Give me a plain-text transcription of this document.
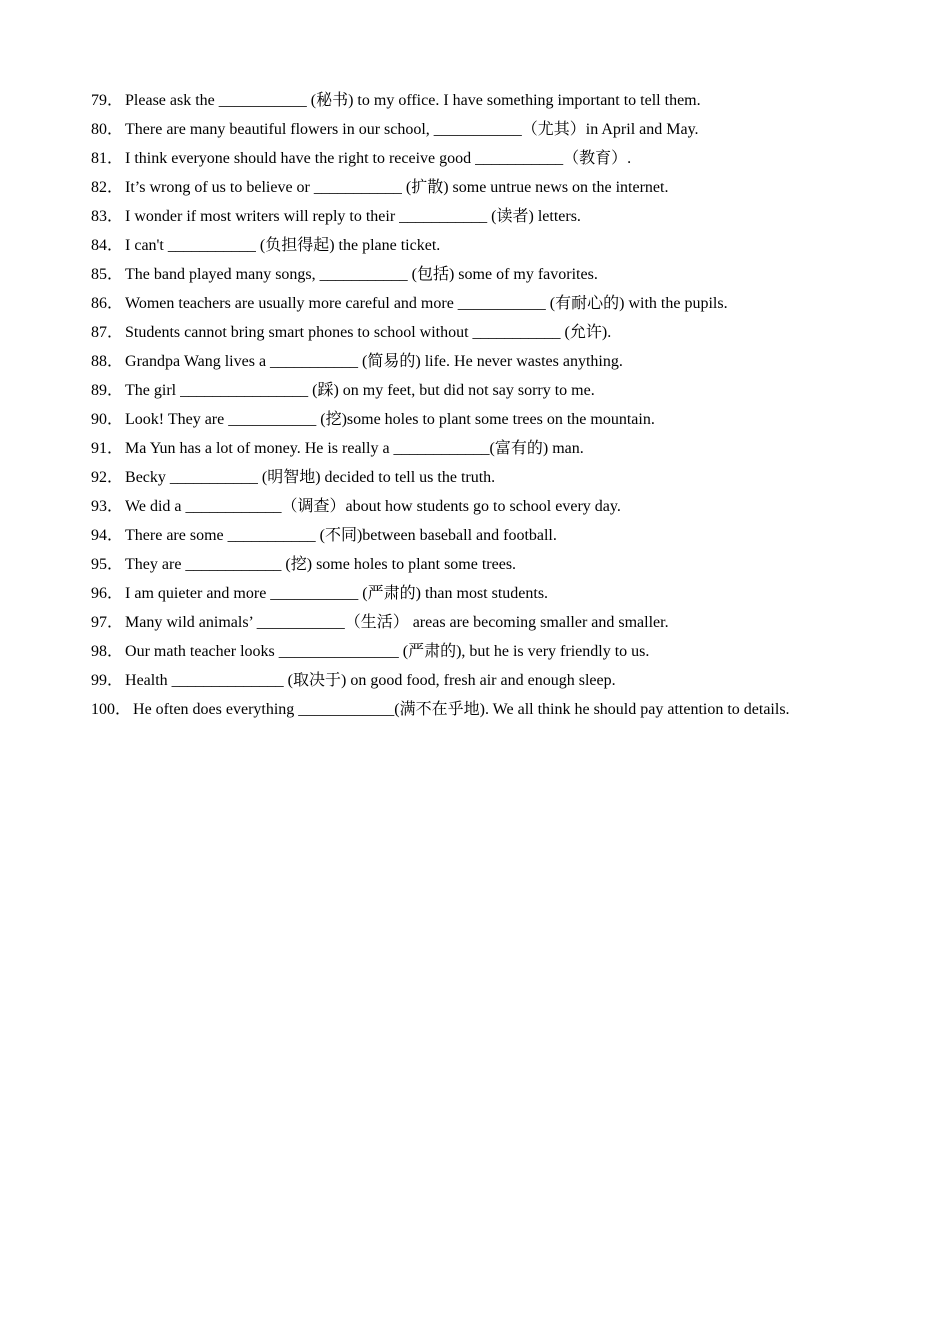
79． Please ask the ___________ (秘书) to my office. I have something important to tell them.
80． There are many beautiful flowers in our school, ___________（尤其）in April and May.
81． I think everyone should have the right to receive good ___________（教育）.
82． It’s wrong of us to believe or ___________ (扩散) some untrue news on the internet.
83． I wonder if most writers will reply to their ___________ (读者) letters.
84． I can't ___________ (负担得起) the plane ticket.
85． The band played many songs, ___________ (包括) some of my favorites.
86． Women teachers are usually more careful and more ___________ (有耐心的) with the pupils.
87． Students cannot bring smart phones to school without ___________ (允许).
88． Grandpa Wang lives a ___________ (简易的) life. He never wastes anything.
89． The girl ________________ (踩) on my feet, but did not say sorry to me.
90． Look! They are ___________ (挖)some holes to plant some trees on the mountain.
91． Ma Yun has a lot of money. He is really a ____________(富有的) man.
92． Becky ___________ (明智地) decided to tell us the truth.
93． We did a ____________（调查）about how students go to school every day.
94． There are some ___________ (不同)between baseball and football.
95． They are ____________ (挖) some holes to plant some trees.
96． I am quieter and more ___________ (严肃的) than most students.
97． Many wild animals’ ___________（生活） areas are becoming smaller and smaller.
98． Our math teacher looks _______________ (严肃的), but he is very friendly to us.
99． Health ______________ (取决于) on good food, fresh air and enough sleep.
100． He often does everything ____________(满不在乎地). We all think he should pay attention to details.
